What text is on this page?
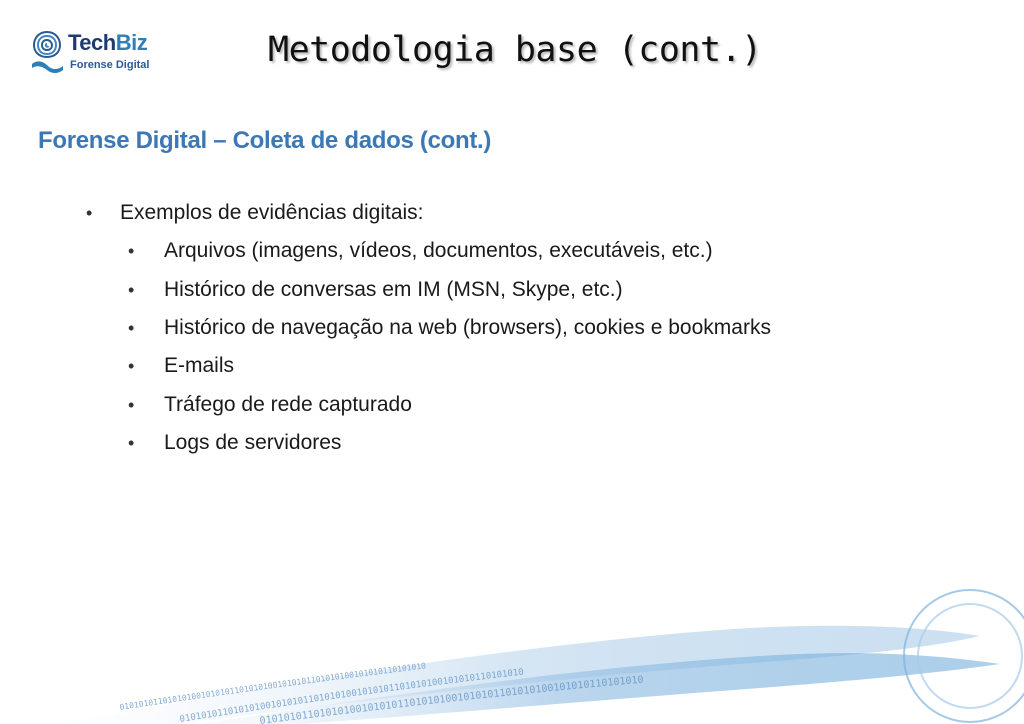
TechBiz
Forense Digital	Metodologia base (cont.)
Forense Digital – Coleta de dados (cont.)
• Exemplos de evidências digitais:
• Arquivos (imagens, vídeos, documentos, executáveis, etc.)
• Histórico de conversas em IM (MSN, Skype, etc.)
• Histórico de navegação na web (browsers), cookies e bookmarks
• E-mails
• Tráfego de rede capturado
• Logs de servidores
0101010110101010010101011010101001010101101010100101010110101010
0101010110101010010101011010101001010101101010100101010110101010
0101010110101010010101011010101001010101101010100101010110101010
